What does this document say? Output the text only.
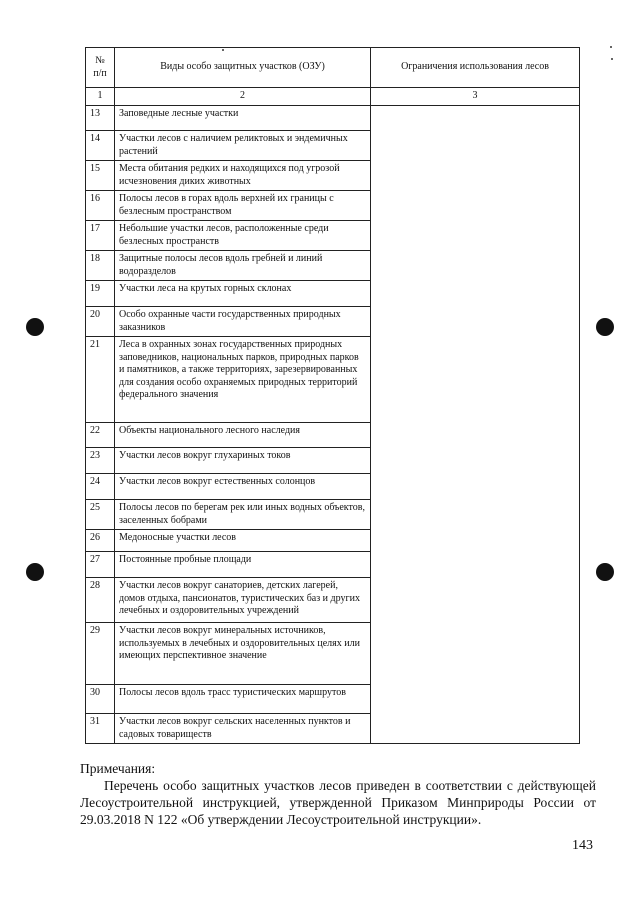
№ п/п	Виды особо защитных участков (ОЗУ)	Ограничения использования лесов
1	2	3
13	Заповедные лесные участки	
14	Участки лесов с наличием реликтовых и эндемичных растений	
15	Места обитания редких и находящихся под угрозой исчезновения диких животных	
16	Полосы лесов в горах вдоль верхней их границы с безлесным пространством	
17	Небольшие участки лесов, расположенные среди безлесных пространств	
18	Защитные полосы лесов вдоль гребней и линий водоразделов	
19	Участки леса на крутых горных склонах	
20	Особо охранные части государственных природных заказников	
21	Леса в охранных зонах государственных природных заповедников, национальных парков, природных парков и памятников, а также территориях, зарезервированных для создания особо охраняемых природных территорий федерального значения	
22	Объекты национального лесного наследия	
23	Участки лесов вокруг глухариных токов	
24	Участки лесов вокруг естественных солонцов	
25	Полосы лесов по берегам рек или иных водных объектов, заселенных бобрами	
26	Медоносные участки лесов	
27	Постоянные пробные площади	
28	Участки лесов вокруг санаториев, детских лагерей, домов отдыха, пансионатов, туристических баз и других лечебных и оздоровительных учреждений	
29	Участки лесов вокруг минеральных источников, используемых в лечебных и оздоровительных целях или имеющих перспективное значение	
30	Полосы лесов вдоль трасс туристических маршрутов	
31	Участки лесов вокруг сельских населенных пунктов и садовых товариществ	

Примечания:

Перечень особо защитных участков лесов приведен в соответствии с действующей Лесоустроительной инструкцией, утвержденной Приказом Минприроды России от 29.03.2018 N 122 «Об утверждении Лесоустроительной инструкции».

143
